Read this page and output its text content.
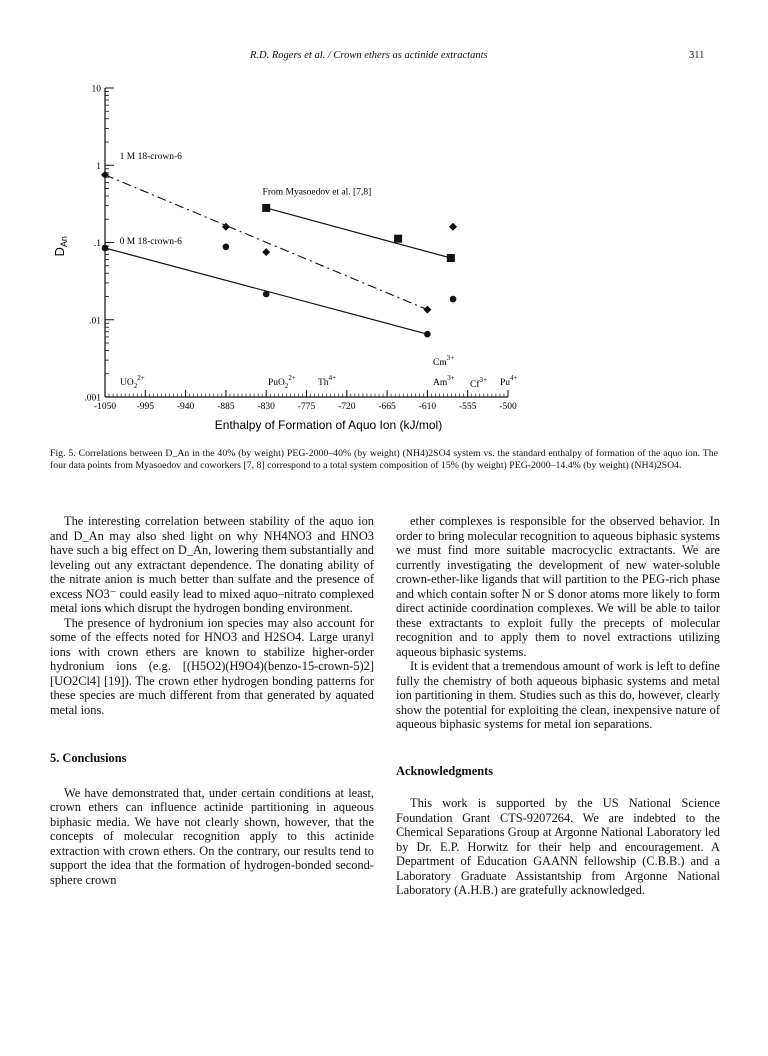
R.D. Rogers et al. / Crown ethers as actinide extractants	311
10
1
.1
.01
.001
-1050 -995 -940 -885 -830 -775 -720 -665 -610 -555 -500
1 M 18-crown-6
0 M 18-crown-6
From Myasoedov et al. [7,8]
$D_{An}$
Enthalpy of Formation of Aquo Ion (kJ/mol)
$UO_2^{2+}$	PuO$_2^{2+}$ $Th^{4+}$	$Am^{3+}$
$Cm^{3+}$
$Cf^{3+}$ $Pu^{4+}$
Fig. 5. Correlations between D_An in the 40% (by weight) PEG-2000–40% (by weight) (NH4)2SO4 system vs. the standard enthalpy of formation of the aquo ion. The four data points from Myasoedov and coworkers [7, 8] correspond to a total system composition of 15% (by weight) PEG-2000–14.4% (by weight) (NH4)2SO4.

The interesting correlation between stability of the aquo ion and D_An may also shed light on why NH4NO3 and HNO3 have such a big effect on D_An, lowering them substantially and leveling out any extractant dependence. The donating ability of the nitrate anion is much better than sulfate and the presence of excess NO3⁻ could easily lead to mixed aquo–nitrato complexed metal ions which disrupt the hydrogen bonding environment.

The presence of hydronium ion species may also account for some of the effects noted for HNO3 and H2SO4. Large uranyl ions with crown ethers are known to stabilize higher-order hydronium ions (e.g. [(H5O2)(H9O4)(benzo-15-crown-5)2][UO2Cl4] [19]). The crown ether hydrogen bonding patterns for these species are much different from that generated by aquated metal ions.

5. Conclusions

We have demonstrated that, under certain conditions at least, crown ethers can influence actinide partitioning in aqueous biphasic media. We have not clearly shown, however, that the concepts of molecular recognition apply to this actinide extraction with crown ethers. On the contrary, our results tend to support the idea that the formation of hydrogen-bonded second-sphere crown

ether complexes is responsible for the observed behavior. In order to bring molecular recognition to aqueous biphasic systems we must find more suitable macrocyclic extractants. We are currently investigating the development of new water-soluble crown-ether-like ligands that will partition to the PEG-rich phase and which contain softer N or S donor atoms more likely to form direct actinide coordination complexes. We will be able to tailor these extractants to exploit fully the precepts of molecular recognition and to apply them to novel extractions utilizing aqueous biphasic systems.

It is evident that a tremendous amount of work is left to define fully the chemistry of both aqueous biphasic systems and metal ion partitioning in them. Studies such as this do, however, clearly show the potential for exploiting the clean, inexpensive nature of aqueous biphasic systems for metal ion separations.

Acknowledgments

This work is supported by the US National Science Foundation Grant CTS-9207264. We are indebted to the Chemical Separations Group at Argonne National Laboratory led by Dr. E.P. Horwitz for their help and encouragement. A Department of Education GAANN fellowship (C.B.B.) and a Laboratory Graduate Assistantship from Argonne National Laboratory (A.H.B.) are gratefully acknowledged.
